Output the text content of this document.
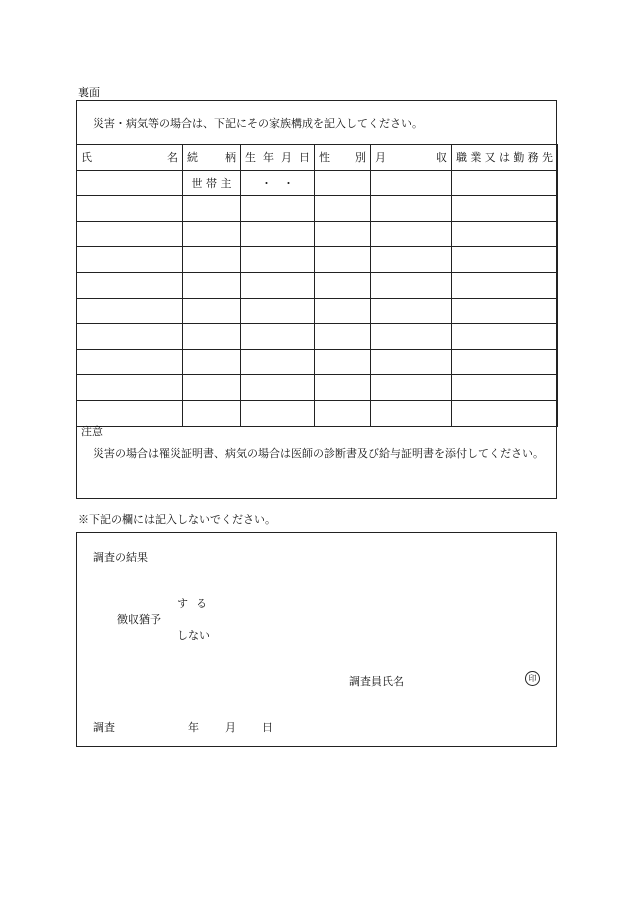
裏面
災害・病気等の場合は、下記にその家族構成を記入してください。
氏 名	続 柄	生年月日	性 別	月 収	職業又は勤務先
	世 帯 主	・　・			

注意
災害の場合は罹災証明書、病気の場合は医師の診断書及び給与証明書を添付してください。
※下記の欄には記入しないでください。
調査の結果
する
徴収猶予
しない
調査員氏名	印
調査	年	月	日
